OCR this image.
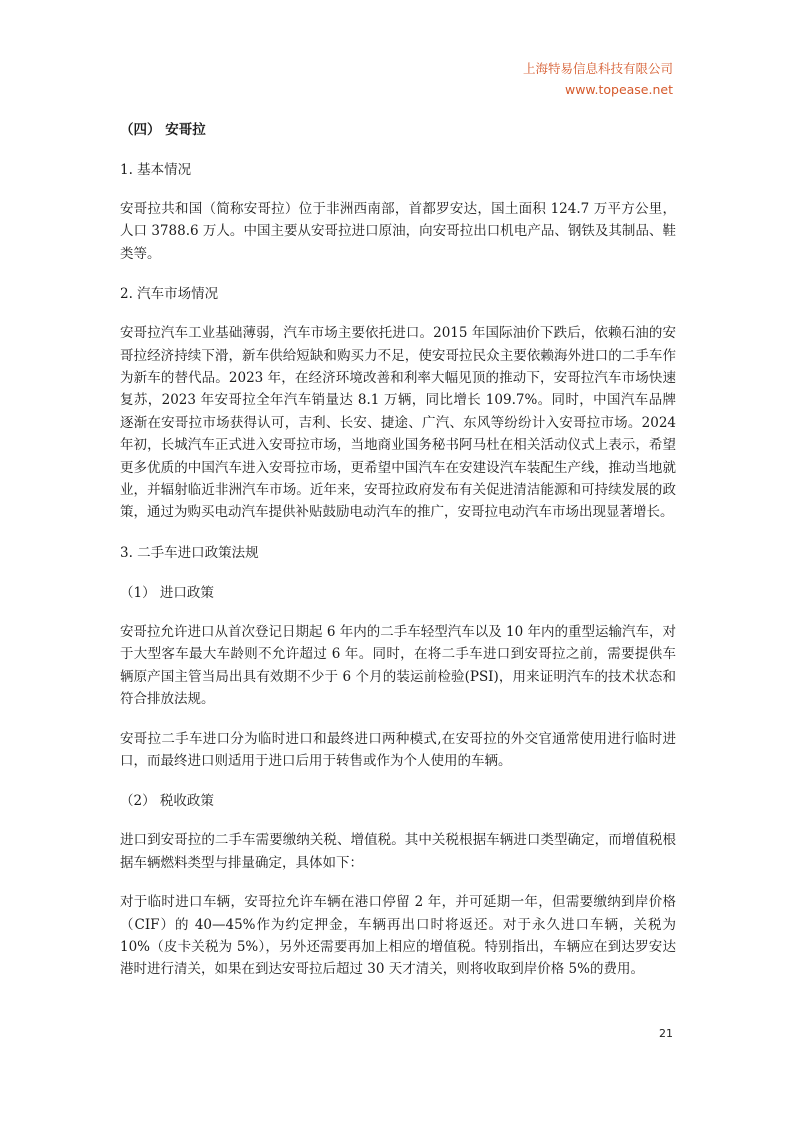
上海特易信息科技有限公司
www.topease.net
（四） 安哥拉
1. 基本情况

安哥拉共和国（简称安哥拉）位于非洲西南部，首都罗安达，国土面积 124.7 万平方公里，人口 3788.6 万人。中国主要从安哥拉进口原油，向安哥拉出口机电产品、钢铁及其制品、鞋类等。

2. 汽车市场情况

安哥拉汽车工业基础薄弱，汽车市场主要依托进口。2015 年国际油价下跌后，依赖石油的安哥拉经济持续下滑，新车供给短缺和购买力不足，使安哥拉民众主要依赖海外进口的二手车作为新车的替代品。2023 年，在经济环境改善和利率大幅见顶的推动下，安哥拉汽车市场快速复苏，2023 年安哥拉全年汽车销量达 8.1 万辆，同比增长 109.7%。同时，中国汽车品牌逐渐在安哥拉市场获得认可，吉利、长安、捷途、广汽、东风等纷纷计入安哥拉市场。2024 年初，长城汽车正式进入安哥拉市场，当地商业国务秘书阿马杜在相关活动仪式上表示，希望更多优质的中国汽车进入安哥拉市场，更希望中国汽车在安建设汽车装配生产线，推动当地就业，并辐射临近非洲汽车市场。近年来，安哥拉政府发布有关促进清洁能源和可持续发展的政策，通过为购买电动汽车提供补贴鼓励电动汽车的推广，安哥拉电动汽车市场出现显著增长。

3. 二手车进口政策法规
（1） 进口政策

安哥拉允许进口从首次登记日期起 6 年内的二手车轻型汽车以及 10 年内的重型运输汽车，对于大型客车最大车龄则不允许超过 6 年。同时，在将二手车进口到安哥拉之前，需要提供车辆原产国主管当局出具有效期不少于 6 个月的装运前检验(PSI)，用来证明汽车的技术状态和符合排放法规。

安哥拉二手车进口分为临时进口和最终进口两种模式,在安哥拉的外交官通常使用进行临时进口，而最终进口则适用于进口后用于转售或作为个人使用的车辆。

（2） 税收政策

进口到安哥拉的二手车需要缴纳关税、增值税。其中关税根据车辆进口类型确定，而增值税根据车辆燃料类型与排量确定，具体如下：

对于临时进口车辆，安哥拉允许车辆在港口停留 2 年，并可延期一年，但需要缴纳到岸价格（CIF）的 40—45%作为约定押金，车辆再出口时将返还。对于永久进口车辆，关税为 10%（皮卡关税为 5%），另外还需要再加上相应的增值税。特别指出，车辆应在到达罗安达港时进行清关，如果在到达安哥拉后超过 30 天才清关，则将收取到岸价格 5%的费用。

21
